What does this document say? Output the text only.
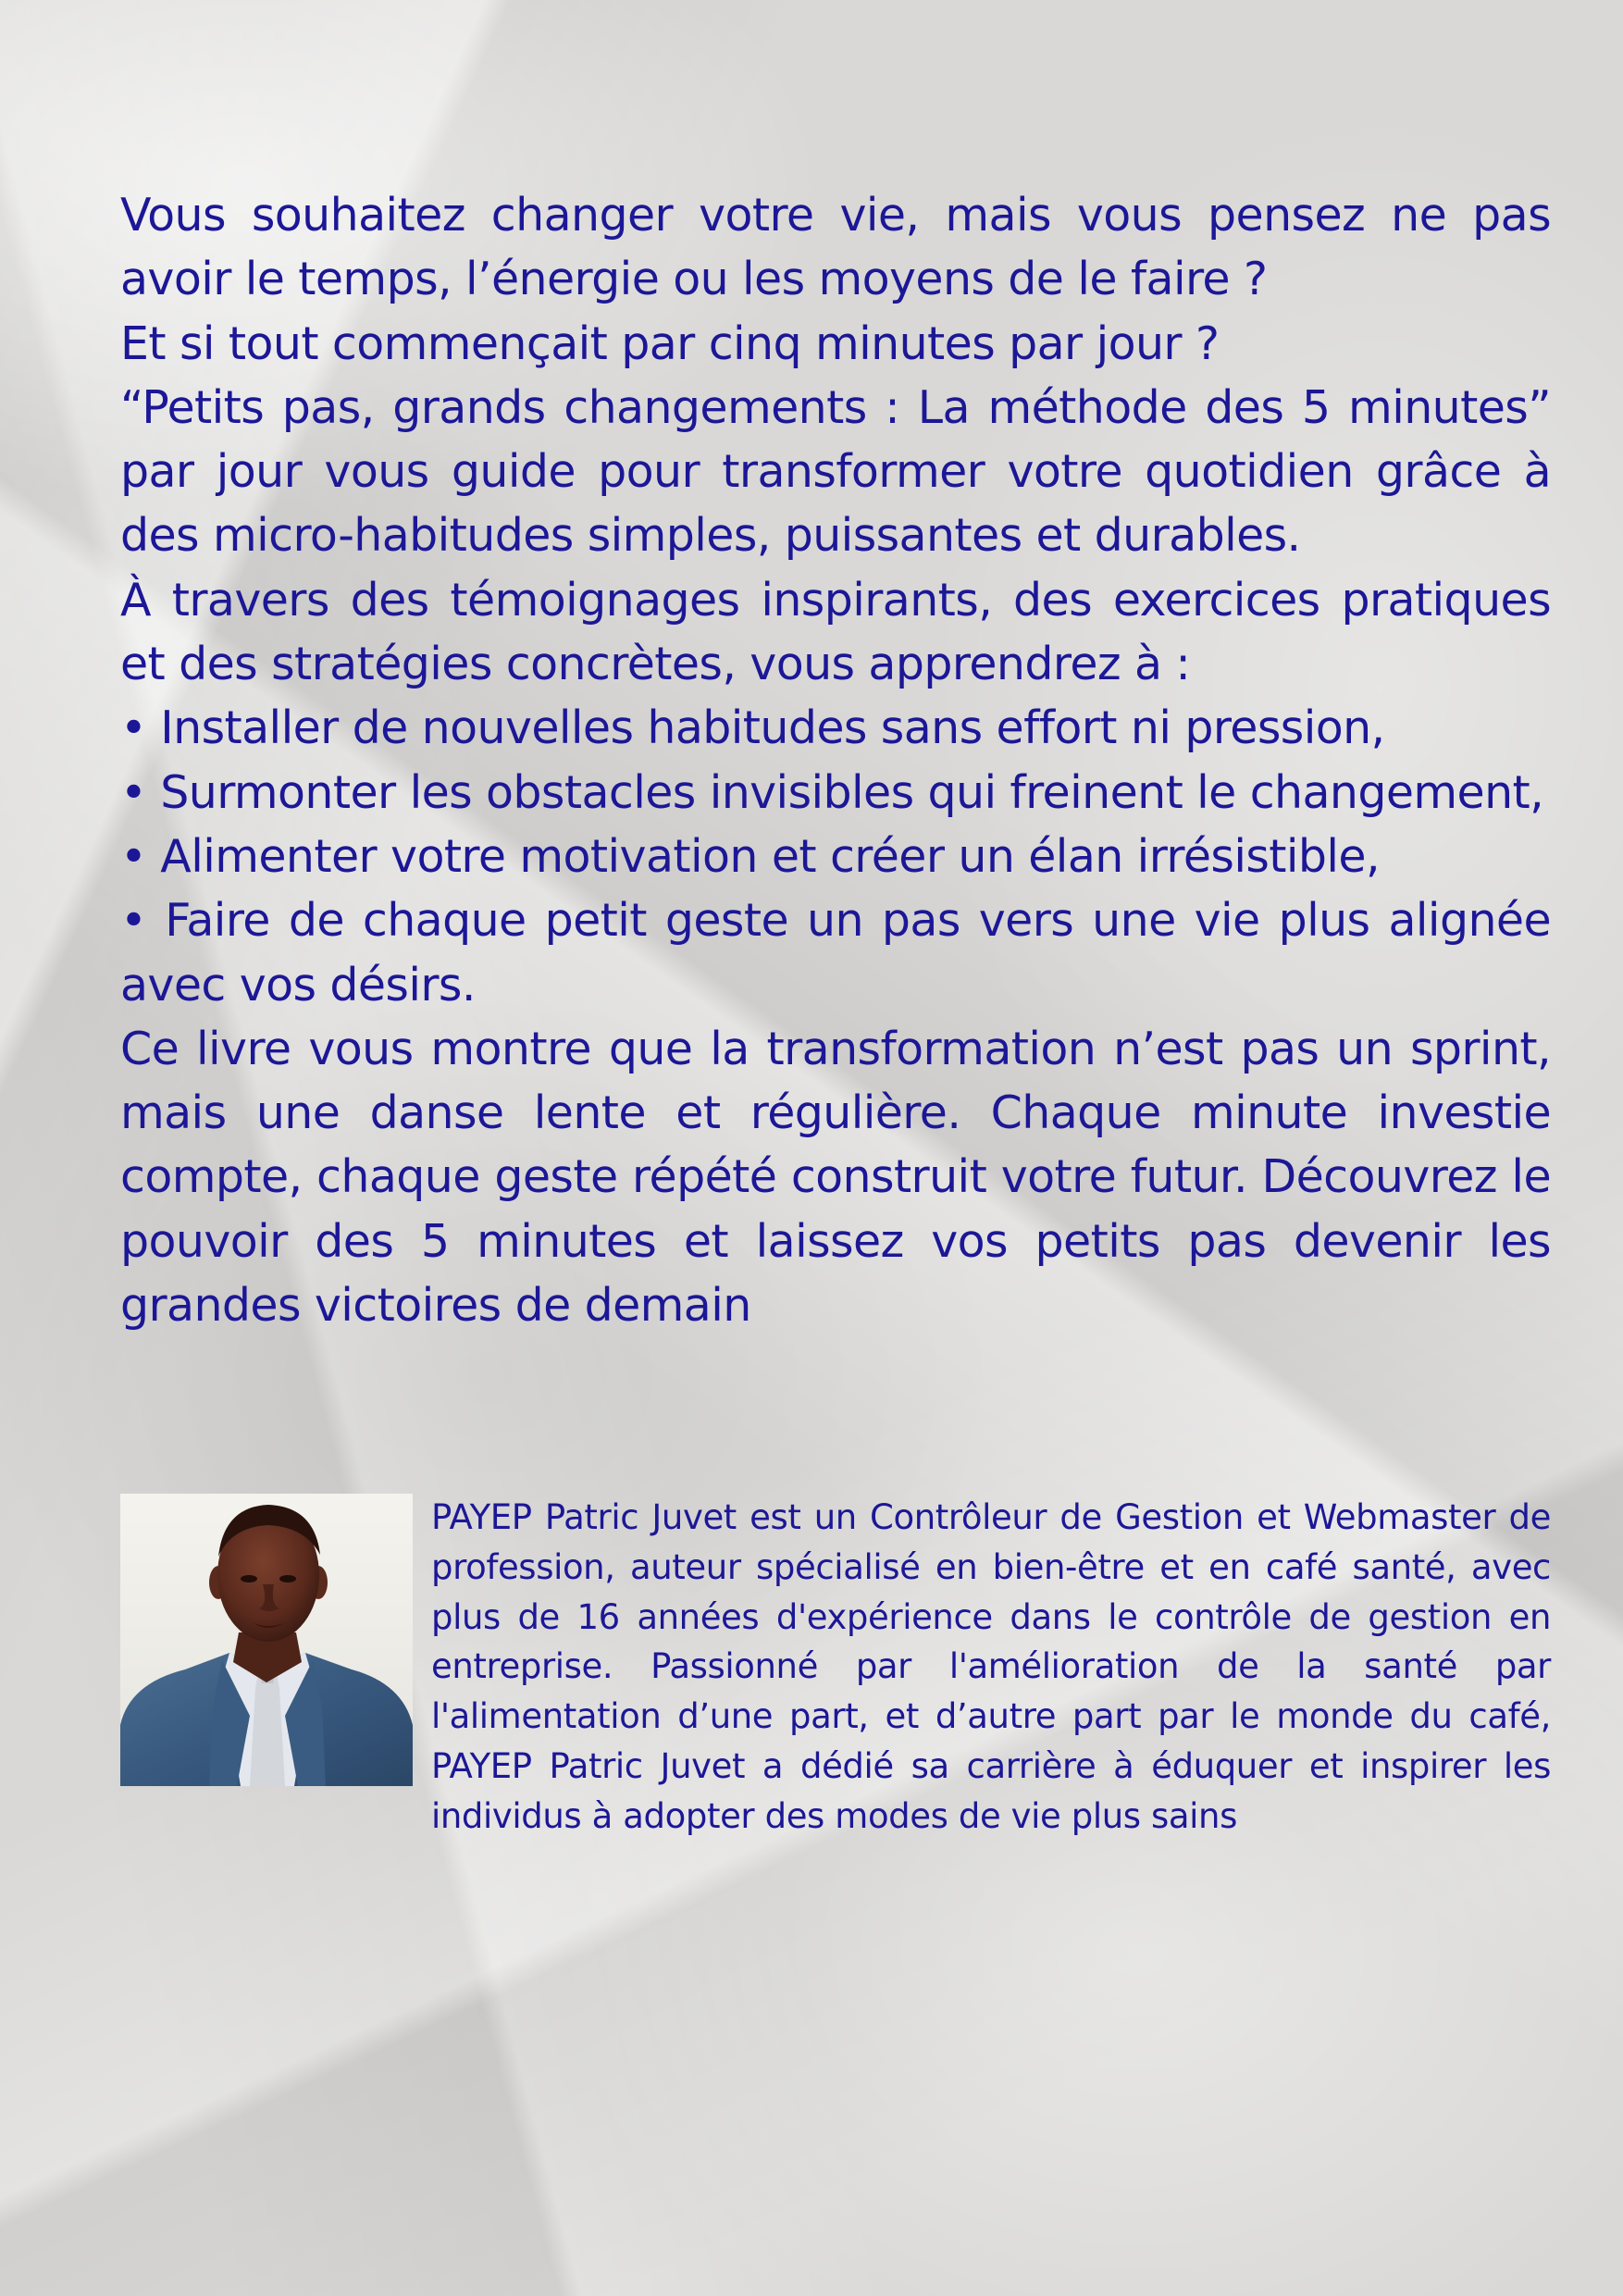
Vous souhaitez changer votre vie, mais vous pensez ne pas avoir le temps, l’énergie ou les moyens de le faire ?

Et si tout commençait par cinq minutes par jour ?

“Petits pas, grands changements : La méthode des 5 minutes” par jour vous guide pour transformer votre quotidien grâce à des micro-habitudes simples, puissantes et durables.

À travers des témoignages inspirants, des exercices pratiques et des stratégies concrètes, vous apprendrez à :

• Installer de nouvelles habitudes sans effort ni pression,

• Surmonter les obstacles invisibles qui freinent le changement,

• Alimenter votre motivation et créer un élan irrésistible,

• Faire de chaque petit geste un pas vers une vie plus alignée avec vos désirs.

Ce livre vous montre que la transformation n’est pas un sprint, mais une danse lente et régulière. Chaque minute investie compte, chaque geste répété construit votre futur. Découvrez le pouvoir des 5 minutes et laissez vos petits pas devenir les grandes victoires de demain

PAYEP Patric Juvet est un Contrôleur de Gestion et Webmaster de profession, auteur spécialisé en bien-être et en café santé, avec plus de 16 années d'expérience dans le contrôle de gestion en entreprise. Passionné par l'amélioration de la santé par l'alimentation d’une part, et d’autre part par le monde du café, PAYEP Patric Juvet a dédié sa carrière à éduquer et inspirer les individus à adopter des modes de vie plus sains
